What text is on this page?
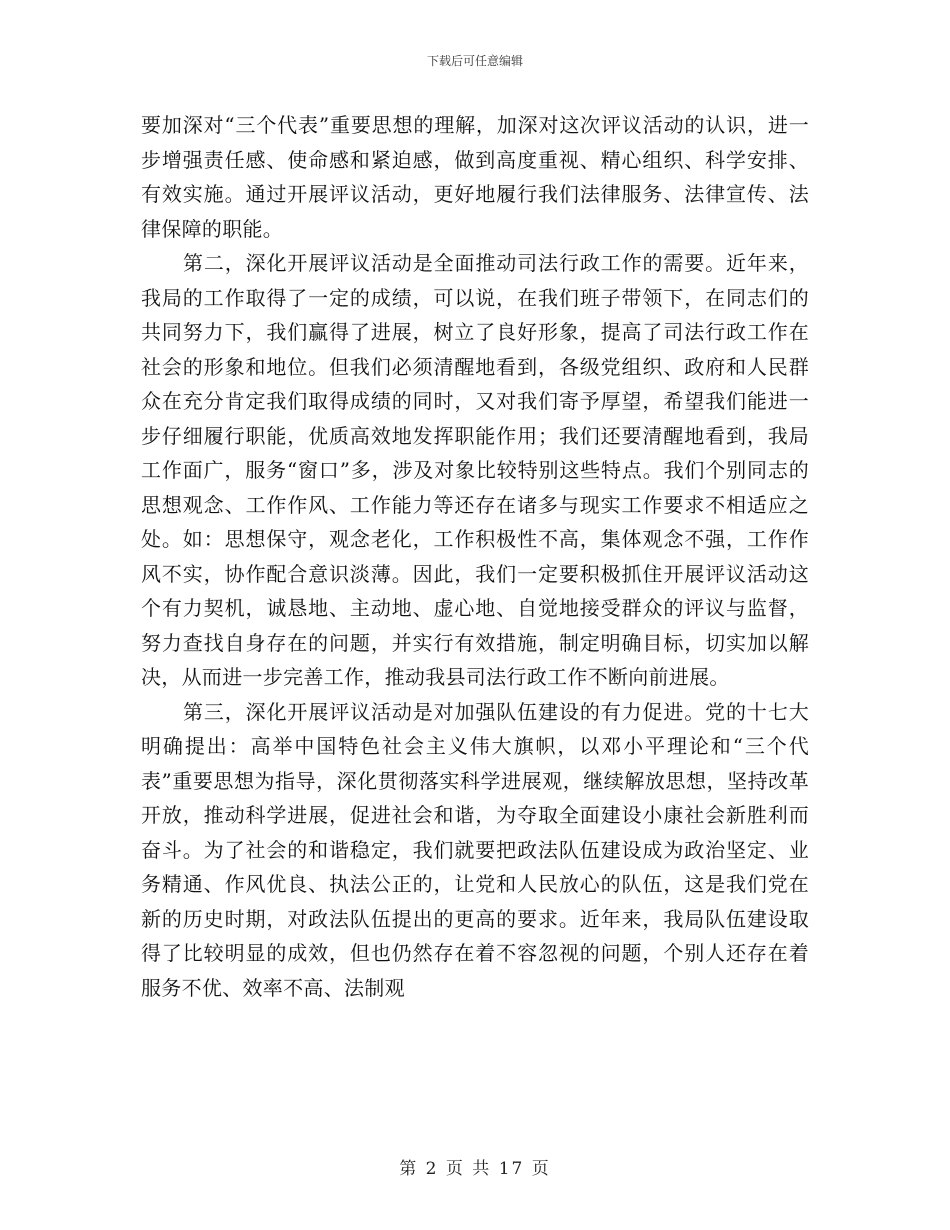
下载后可任意编辑

要加深对“三个代表”重要思想的理解，加深对这次评议活动的认识，进一步增强责任感、使命感和紧迫感，做到高度重视、精心组织、科学安排、有效实施。通过开展评议活动，更好地履行我们法律服务、法律宣传、法律保障的职能。

第二，深化开展评议活动是全面推动司法行政工作的需要。近年来，我局的工作取得了一定的成绩，可以说，在我们班子带领下，在同志们的共同努力下，我们赢得了进展，树立了良好形象，提高了司法行政工作在社会的形象和地位。但我们必须清醒地看到，各级党组织、政府和人民群众在充分肯定我们取得成绩的同时，又对我们寄予厚望，希望我们能进一步仔细履行职能，优质高效地发挥职能作用；我们还要清醒地看到，我局工作面广，服务“窗口”多，涉及对象比较特别这些特点。我们个别同志的思想观念、工作作风、工作能力等还存在诸多与现实工作要求不相适应之处。如：思想保守，观念老化，工作积极性不高，集体观念不强，工作作风不实，协作配合意识淡薄。因此，我们一定要积极抓住开展评议活动这个有力契机，诚恳地、主动地、虚心地、自觉地接受群众的评议与监督，努力查找自身存在的问题，并实行有效措施，制定明确目标，切实加以解决，从而进一步完善工作，推动我县司法行政工作不断向前进展。

第三，深化开展评议活动是对加强队伍建设的有力促进。党的十七大明确提出：高举中国特色社会主义伟大旗帜，以邓小平理论和“三个代表”重要思想为指导，深化贯彻落实科学进展观，继续解放思想，坚持改革开放，推动科学进展，促进社会和谐，为夺取全面建设小康社会新胜利而奋斗。为了社会的和谐稳定，我们就要把政法队伍建设成为政治坚定、业务精通、作风优良、执法公正的，让党和人民放心的队伍，这是我们党在新的历史时期，对政法队伍提出的更高的要求。近年来，我局队伍建设取得了比较明显的成效，但也仍然存在着不容忽视的问题，个别人还存在着服务不优、效率不高、法制观

第 2 页 共 17 页
